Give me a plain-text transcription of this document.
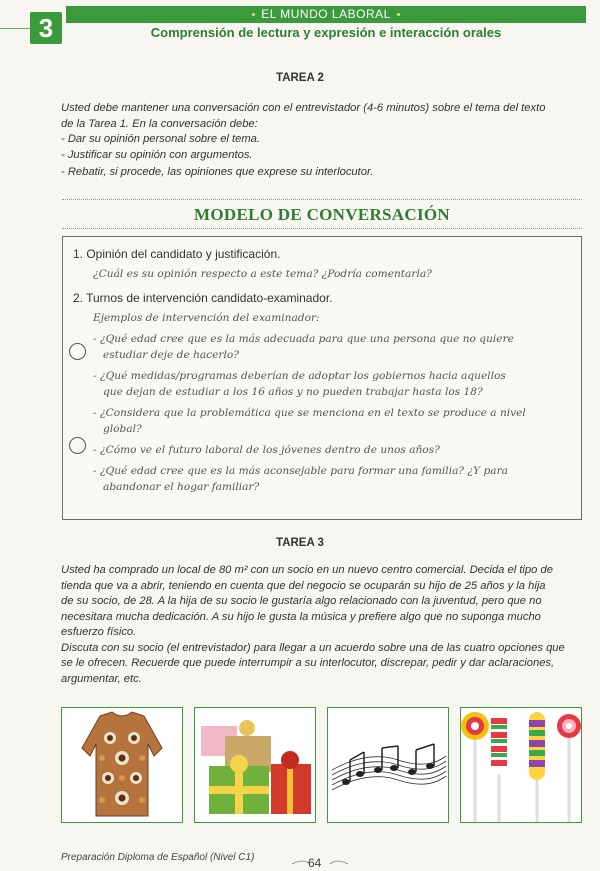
3	EL MUNDO LABORAL
Comprensión de lectura y expresión e interacción orales
TAREA 2

Usted debe mantener una conversación con el entrevistador (4-6 minutos) sobre el tema del texto

de la Tarea 1. En la conversación debe:

- Dar su opinión personal sobre el tema.

- Justificar su opinión con argumentos.

- Rebatir, si procede, las opiniones que exprese su interlocutor.

MODELO DE CONVERSACIÓN
1. Opinión del candidato y justificación.
¿Cuál es su opinión respecto a este tema? ¿Podría comentarla?
2. Turnos de intervención candidato-examinador.
Ejemplos de intervención del examinador:
- ¿Qué edad cree que es la más adecuada para que una persona que no quiere
estudiar deje de hacerlo?
- ¿Qué medidas/programas deberían de adoptar los gobiernos hacia aquellos
que dejan de estudiar a los 16 años y no pueden trabajar hasta los 18?
- ¿Considera que la problemática que se menciona en el texto se produce a nivel
global?
- ¿Cómo ve el futuro laboral de los jóvenes dentro de unos años?
- ¿Qué edad cree que es la más aconsejable para formar una familia? ¿Y para
abandonar el hogar familiar?
TAREA 3

Usted ha comprado un local de 80 m² con un socio en un nuevo centro comercial. Decida el tipo de

tienda que va a abrir, teniendo en cuenta que del negocio se ocuparán su hijo de 25 años y la hija

de su socio, de 28. A la hija de su socio le gustaría algo relacionado con la juventud, pero que no

necesitara mucha dedicación. A su hijo le gusta la música y prefiere algo que no suponga mucho

esfuerzo físico.

Discuta con su socio (el entrevistador) para llegar a un acuerdo sobre una de las cuatro opciones que

se le ofrecen. Recuerde que puede interrumpir a su interlocutor, discrepar, pedir y dar aclaraciones,

argumentar, etc.

Preparación Diploma de Español (Nivel C1)	64
